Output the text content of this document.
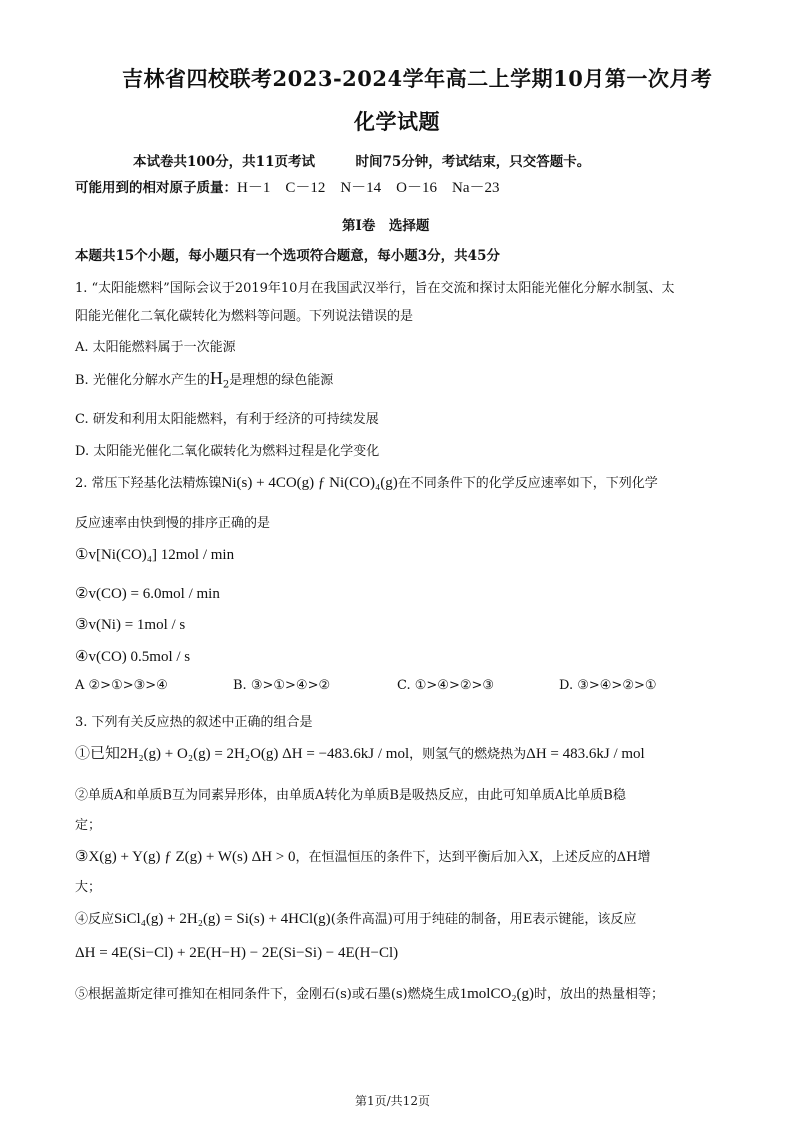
吉林省四校联考2023-2024学年高二上学期10月第一次月考
化学试题
本试卷共100分，共11页考试　　　时间75分钟，考试结束，只交答题卡。
可能用到的相对原子质量：H－1　C－12　N－14　O－16　Na－23
第Ⅰ卷　选择题
本题共15个小题，每小题只有一个选项符合题意，每小题3分，共45分
1. “太阳能燃料”国际会议于2019年10月在我国武汉举行，旨在交流和探讨太阳能光催化分解水制氢、太
阳能光催化二氧化碳转化为燃料等问题。下列说法错误的是
A. 太阳能燃料属于一次能源
B. 光催化分解水产生的$H_2$是理想的绿色能源
C. 研发和利用太阳能燃料，有利于经济的可持续发展
D. 太阳能光催化二氧化碳转化为燃料过程是化学变化
2. 常压下羟基化法精炼镍Ni(s) + 4CO(g) ƒ Ni(CO)₄(g)在不同条件下的化学反应速率如下，下列化学
反应速率由快到慢的排序正确的是
①v[Ni(CO)₄] 12mol / min
②v(CO) = 6.0mol / min
③v(Ni) = 1mol / s
④v(CO) 0.5mol / s
A ②>①>③>④	B. ③>①>④>②	C. ①>④>②>③	D. ③>④>②>①
3. 下列有关反应热的叙述中正确的组合是
①已知2H₂(g) + O₂(g) = 2H₂O(g) ΔH = −483.6kJ / mol，则氢气的燃烧热为ΔH = 483.6kJ / mol
②单质A和单质B互为同素异形体，由单质A转化为单质B是吸热反应，由此可知单质A比单质B稳
定；
③X(g) + Y(g) ƒ Z(g) + W(s) ΔH > 0，在恒温恒压的条件下，达到平衡后加入X，上述反应的ΔH增
大；
④反应SiCl₄(g) + 2H₂(g) = Si(s) + 4HCl(g)(条件高温)可用于纯硅的制备，用E表示键能，该反应
ΔH = 4E(Si−Cl) + 2E(H−H) − 2E(Si−Si) − 4E(H−Cl)
⑤根据盖斯定律可推知在相同条件下，金刚石(s)或石墨(s)燃烧生成1molCO₂(g)时，放出的热量相等；
第1页/共12页
